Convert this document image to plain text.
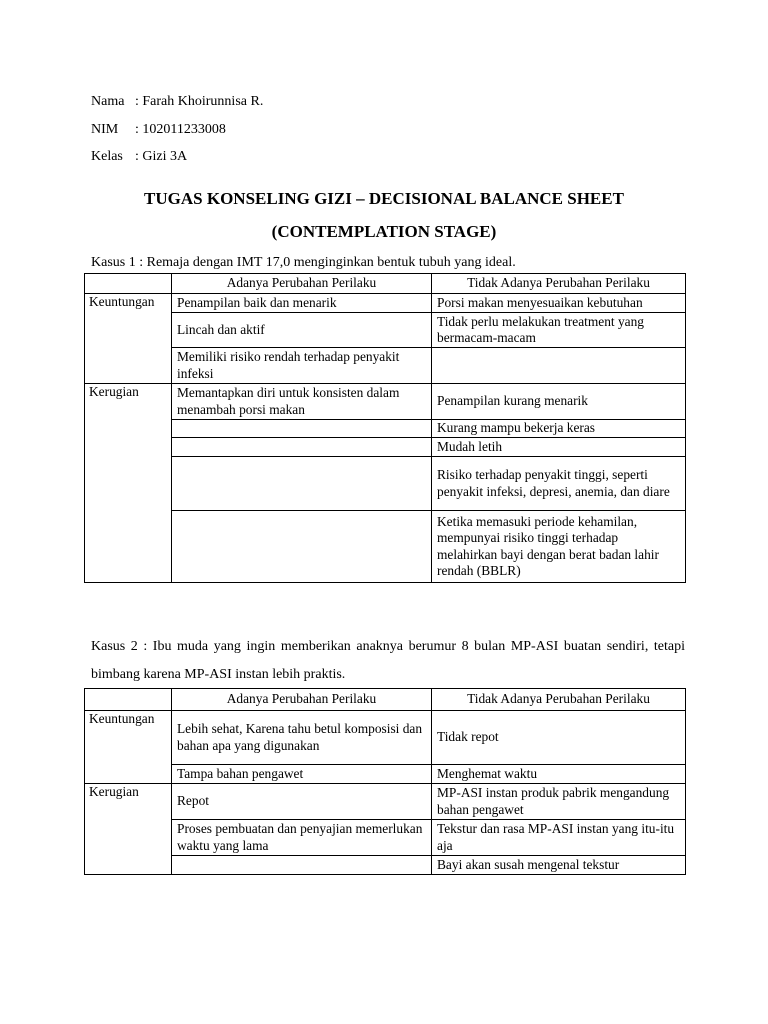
Nama : Farah Khoirunnisa R.
NIM : 102011233008
Kelas : Gizi 3A
TUGAS KONSELING GIZI – DECISIONAL BALANCE SHEET
(CONTEMPLATION STAGE)
Kasus 1 : Remaja dengan IMT 17,0 menginginkan bentuk tubuh yang ideal.
	Adanya Perubahan Perilaku	Tidak Adanya Perubahan Perilaku
Keuntungan	Penampilan baik dan menarik	Porsi makan menyesuaikan kebutuhan
	Lincah dan aktif	Tidak perlu melakukan treatment yang bermacam-macam
	Memiliki risiko rendah terhadap penyakit infeksi	
Kerugian	Memantapkan diri untuk konsisten dalam menambah porsi makan	Penampilan kurang menarik
		Kurang mampu bekerja keras
		Mudah letih
		Risiko terhadap penyakit tinggi, seperti penyakit infeksi, depresi, anemia, dan diare
		Ketika memasuki periode kehamilan, mempunyai risiko tinggi terhadap melahirkan bayi dengan berat badan lahir rendah (BBLR)
Kasus 2 : Ibu muda yang ingin memberikan anaknya berumur 8 bulan MP-ASI buatan sendiri, tetapi bimbang karena MP-ASI instan lebih praktis.
	Adanya Perubahan Perilaku	Tidak Adanya Perubahan Perilaku
Keuntungan	Lebih sehat, Karena tahu betul komposisi dan bahan apa yang digunakan	Tidak repot
	Tampa bahan pengawet	Menghemat waktu
Kerugian	Repot	MP-ASI instan produk pabrik mengandung bahan pengawet
	Proses pembuatan dan penyajian memerlukan waktu yang lama	Tekstur dan rasa MP-ASI instan yang itu-itu aja
		Bayi akan susah mengenal tekstur
